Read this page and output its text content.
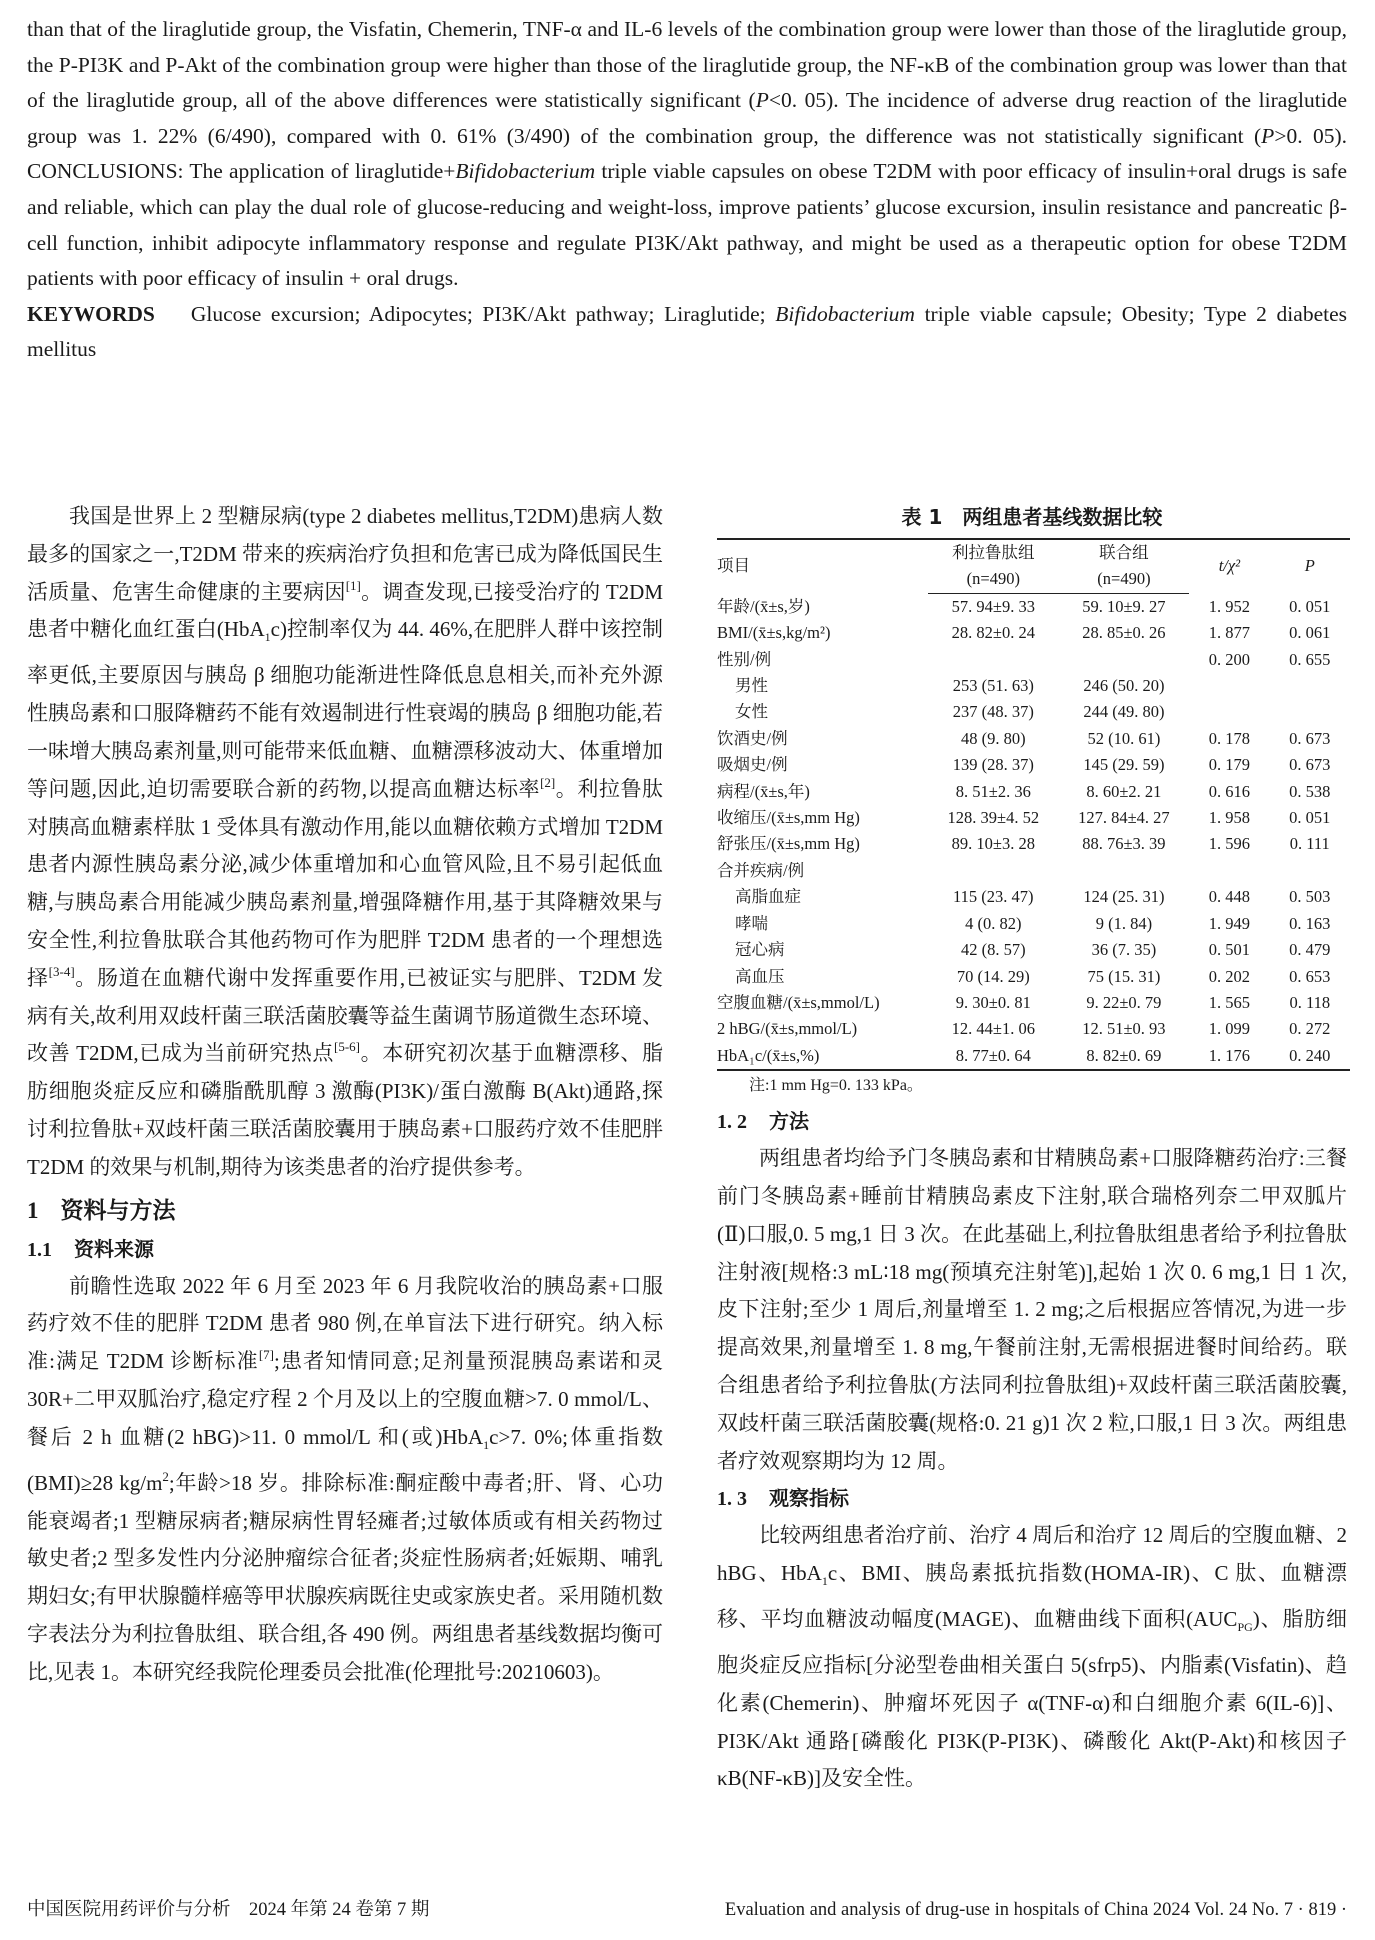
than that of the liraglutide group, the Visfatin, Chemerin, TNF-α and IL-6 levels of the combination group were lower than those of the liraglutide group, the P-PI3K and P-Akt of the combination group were higher than those of the liraglutide group, the NF-κB of the combination group was lower than that of the liraglutide group, all of the above differences were statistically significant (P<0. 05). The incidence of adverse drug reaction of the liraglutide group was 1. 22% (6/490), compared with 0. 61% (3/490) of the combination group, the difference was not statistically significant (P>0. 05). CONCLUSIONS: The application of liraglutide+Bifidobacterium triple viable capsules on obese T2DM with poor efficacy of insulin+oral drugs is safe and reliable, which can play the dual role of glucose-reducing and weight-loss, improve patients’ glucose excursion, insulin resistance and pancreatic β-cell function, inhibit adipocyte inflammatory response and regulate PI3K/Akt pathway, and might be used as a therapeutic option for obese T2DM patients with poor efficacy of insulin + oral drugs.

KEYWORDS Glucose excursion; Adipocytes; PI3K/Akt pathway; Liraglutide; Bifidobacterium triple viable capsule; Obesity; Type 2 diabetes mellitus

我国是世界上 2 型糖尿病(type 2 diabetes mellitus,T2DM)患病人数最多的国家之一,T2DM 带来的疾病治疗负担和危害已成为降低国民生活质量、危害生命健康的主要病因[1]。调查发现,已接受治疗的 T2DM 患者中糖化血红蛋白(HbA$_1$c)控制率仅为 44. 46%,在肥胖人群中该控制率更低,主要原因与胰岛 β 细胞功能渐进性降低息息相关,而补充外源性胰岛素和口服降糖药不能有效遏制进行性衰竭的胰岛 β 细胞功能,若一味增大胰岛素剂量,则可能带来低血糖、血糖漂移波动大、体重增加等问题,因此,迫切需要联合新的药物,以提高血糖达标率[2]。利拉鲁肽对胰高血糖素样肽 1 受体具有激动作用,能以血糖依赖方式增加 T2DM 患者内源性胰岛素分泌,减少体重增加和心血管风险,且不易引起低血糖,与胰岛素合用能减少胰岛素剂量,增强降糖作用,基于其降糖效果与安全性,利拉鲁肽联合其他药物可作为肥胖 T2DM 患者的一个理想选择[3-4]。肠道在血糖代谢中发挥重要作用,已被证实与肥胖、T2DM 发病有关,故利用双歧杆菌三联活菌胶囊等益生菌调节肠道微生态环境、改善 T2DM,已成为当前研究热点[5-6]。本研究初次基于血糖漂移、脂肪细胞炎症反应和磷脂酰肌醇 3 激酶(PI3K)/蛋白激酶 B(Akt)通路,探讨利拉鲁肽+双歧杆菌三联活菌胶囊用于胰岛素+口服药疗效不佳肥胖 T2DM 的效果与机制,期待为该类患者的治疗提供参考。

1 资料与方法
1.1 资料来源

前瞻性选取 2022 年 6 月至 2023 年 6 月我院收治的胰岛素+口服药疗效不佳的肥胖 T2DM 患者 980 例,在单盲法下进行研究。纳入标准:满足 T2DM 诊断标准[7];患者知情同意;足剂量预混胰岛素诺和灵 30R+二甲双胍治疗,稳定疗程 2 个月及以上的空腹血糖>7. 0 mmol/L、餐后 2 h 血糖(2 hBG)>11. 0 mmol/L 和(或)HbA$_1$c>7. 0%;体重指数(BMI)≥28 kg/m$^2$;年龄>18 岁。排除标准:酮症酸中毒者;肝、肾、心功能衰竭者;1 型糖尿病者;糖尿病性胃轻瘫者;过敏体质或有相关药物过敏史者;2 型多发性内分泌肿瘤综合征者;炎症性肠病者;妊娠期、哺乳期妇女;有甲状腺髓样癌等甲状腺疾病既往史或家族史者。采用随机数字表法分为利拉鲁肽组、联合组,各 490 例。两组患者基线数据均衡可比,见表 1。本研究经我院伦理委员会批准(伦理批号:20210603)。

表 1　两组患者基线数据比较
项目	利拉鲁肽组	联合组	t/χ²	P
	(n=490)	(n=490)		
年龄/(x̄±s,岁)	57. 94±9. 33	59. 10±9. 27	1. 952	0. 051
BMI/(x̄±s,kg/m²)	28. 82±0. 24	28. 85±0. 26	1. 877	0. 061
性别/例			0. 200	0. 655
男性	253 (51. 63)	246 (50. 20)		
女性	237 (48. 37)	244 (49. 80)		
饮酒史/例	48 (9. 80)	52 (10. 61)	0. 178	0. 673
吸烟史/例	139 (28. 37)	145 (29. 59)	0. 179	0. 673
病程/(x̄±s,年)	8. 51±2. 36	8. 60±2. 21	0. 616	0. 538
收缩压/(x̄±s,mm Hg)	128. 39±4. 52	127. 84±4. 27	1. 958	0. 051
舒张压/(x̄±s,mm Hg)	89. 10±3. 28	88. 76±3. 39	1. 596	0. 111
合并疾病/例				
高脂血症	115 (23. 47)	124 (25. 31)	0. 448	0. 503
哮喘	4 (0. 82)	9 (1. 84)	1. 949	0. 163
冠心病	42 (8. 57)	36 (7. 35)	0. 501	0. 479
高血压	70 (14. 29)	75 (15. 31)	0. 202	0. 653
空腹血糖/(x̄±s,mmol/L)	9. 30±0. 81	9. 22±0. 79	1. 565	0. 118
2 hBG/(x̄±s,mmol/L)	12. 44±1. 06	12. 51±0. 93	1. 099	0. 272
HbA₁c/(x̄±s,%)	8. 77±0. 64	8. 82±0. 69	1. 176	0. 240
注:1 mm Hg=0. 133 kPa。
1. 2 方法

两组患者均给予门冬胰岛素和甘精胰岛素+口服降糖药治疗:三餐前门冬胰岛素+睡前甘精胰岛素皮下注射,联合瑞格列奈二甲双胍片(Ⅱ)口服,0. 5 mg,1 日 3 次。在此基础上,利拉鲁肽组患者给予利拉鲁肽注射液[规格:3 mL∶18 mg(预填充注射笔)],起始 1 次 0. 6 mg,1 日 1 次,皮下注射;至少 1 周后,剂量增至 1. 2 mg;之后根据应答情况,为进一步提高效果,剂量增至 1. 8 mg,午餐前注射,无需根据进餐时间给药。联合组患者给予利拉鲁肽(方法同利拉鲁肽组)+双歧杆菌三联活菌胶囊,双歧杆菌三联活菌胶囊(规格:0. 21 g)1 次 2 粒,口服,1 日 3 次。两组患者疗效观察期均为 12 周。

1. 3 观察指标

比较两组患者治疗前、治疗 4 周后和治疗 12 周后的空腹血糖、2 hBG、HbA$_1$c、BMI、胰岛素抵抗指数(HOMA-IR)、C 肽、血糖漂移、平均血糖波动幅度(MAGE)、血糖曲线下面积$(AUC_{PG})$、脂肪细胞炎症反应指标[分泌型卷曲相关蛋白 5(sfrp5)、内脂素(Visfatin)、趋化素(Chemerin)、肿瘤坏死因子 α(TNF-α)和白细胞介素 6(IL-6)]、PI3K/Akt 通路[磷酸化 PI3K(P-PI3K)、磷酸化 Akt(P-Akt)和核因子 κB(NF-κB)]及安全性。

中国医院用药评价与分析　2024 年第 24 卷第 7 期	Evaluation and analysis of drug-use in hospitals of China 2024 Vol. 24 No. 7 · 819 ·
